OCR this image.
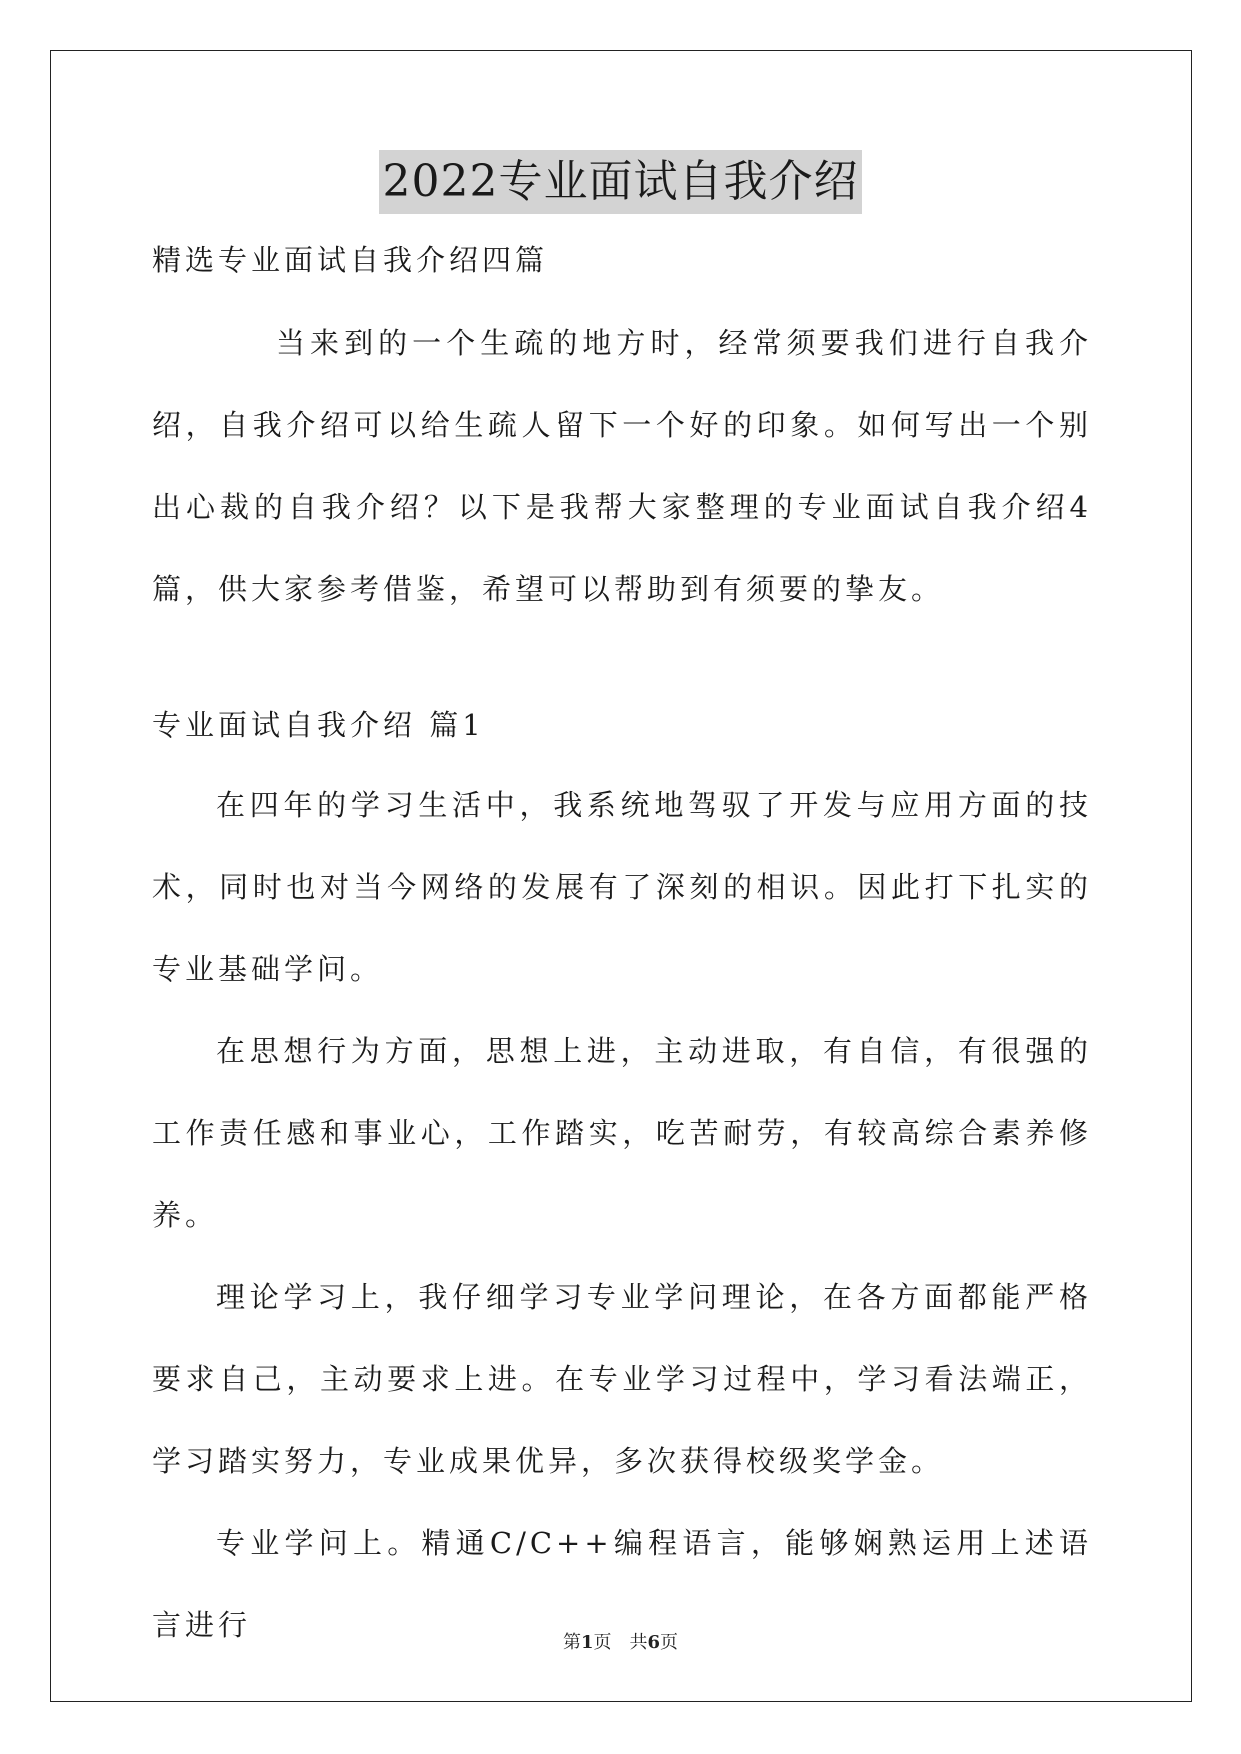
2022专业面试自我介绍
精选专业面试自我介绍四篇

当来到的一个生疏的地方时，经常须要我们进行自我介绍，自我介绍可以给生疏人留下一个好的印象。如何写出一个别出心裁的自我介绍？以下是我帮大家整理的专业面试自我介绍4篇，供大家参考借鉴，希望可以帮助到有须要的挚友。

专业面试自我介绍 篇1

在四年的学习生活中，我系统地驾驭了开发与应用方面的技术，同时也对当今网络的发展有了深刻的相识。因此打下扎实的专业基础学问。

在思想行为方面，思想上进，主动进取，有自信，有很强的工作责任感和事业心，工作踏实，吃苦耐劳，有较高综合素养修养。

理论学习上，我仔细学习专业学问理论，在各方面都能严格要求自己，主动要求上进。在专业学习过程中，学习看法端正，学习踏实努力，专业成果优异，多次获得校级奖学金。

专业学问上。精通C/C++编程语言，能够娴熟运用上述语言进行

第1页　共6页
